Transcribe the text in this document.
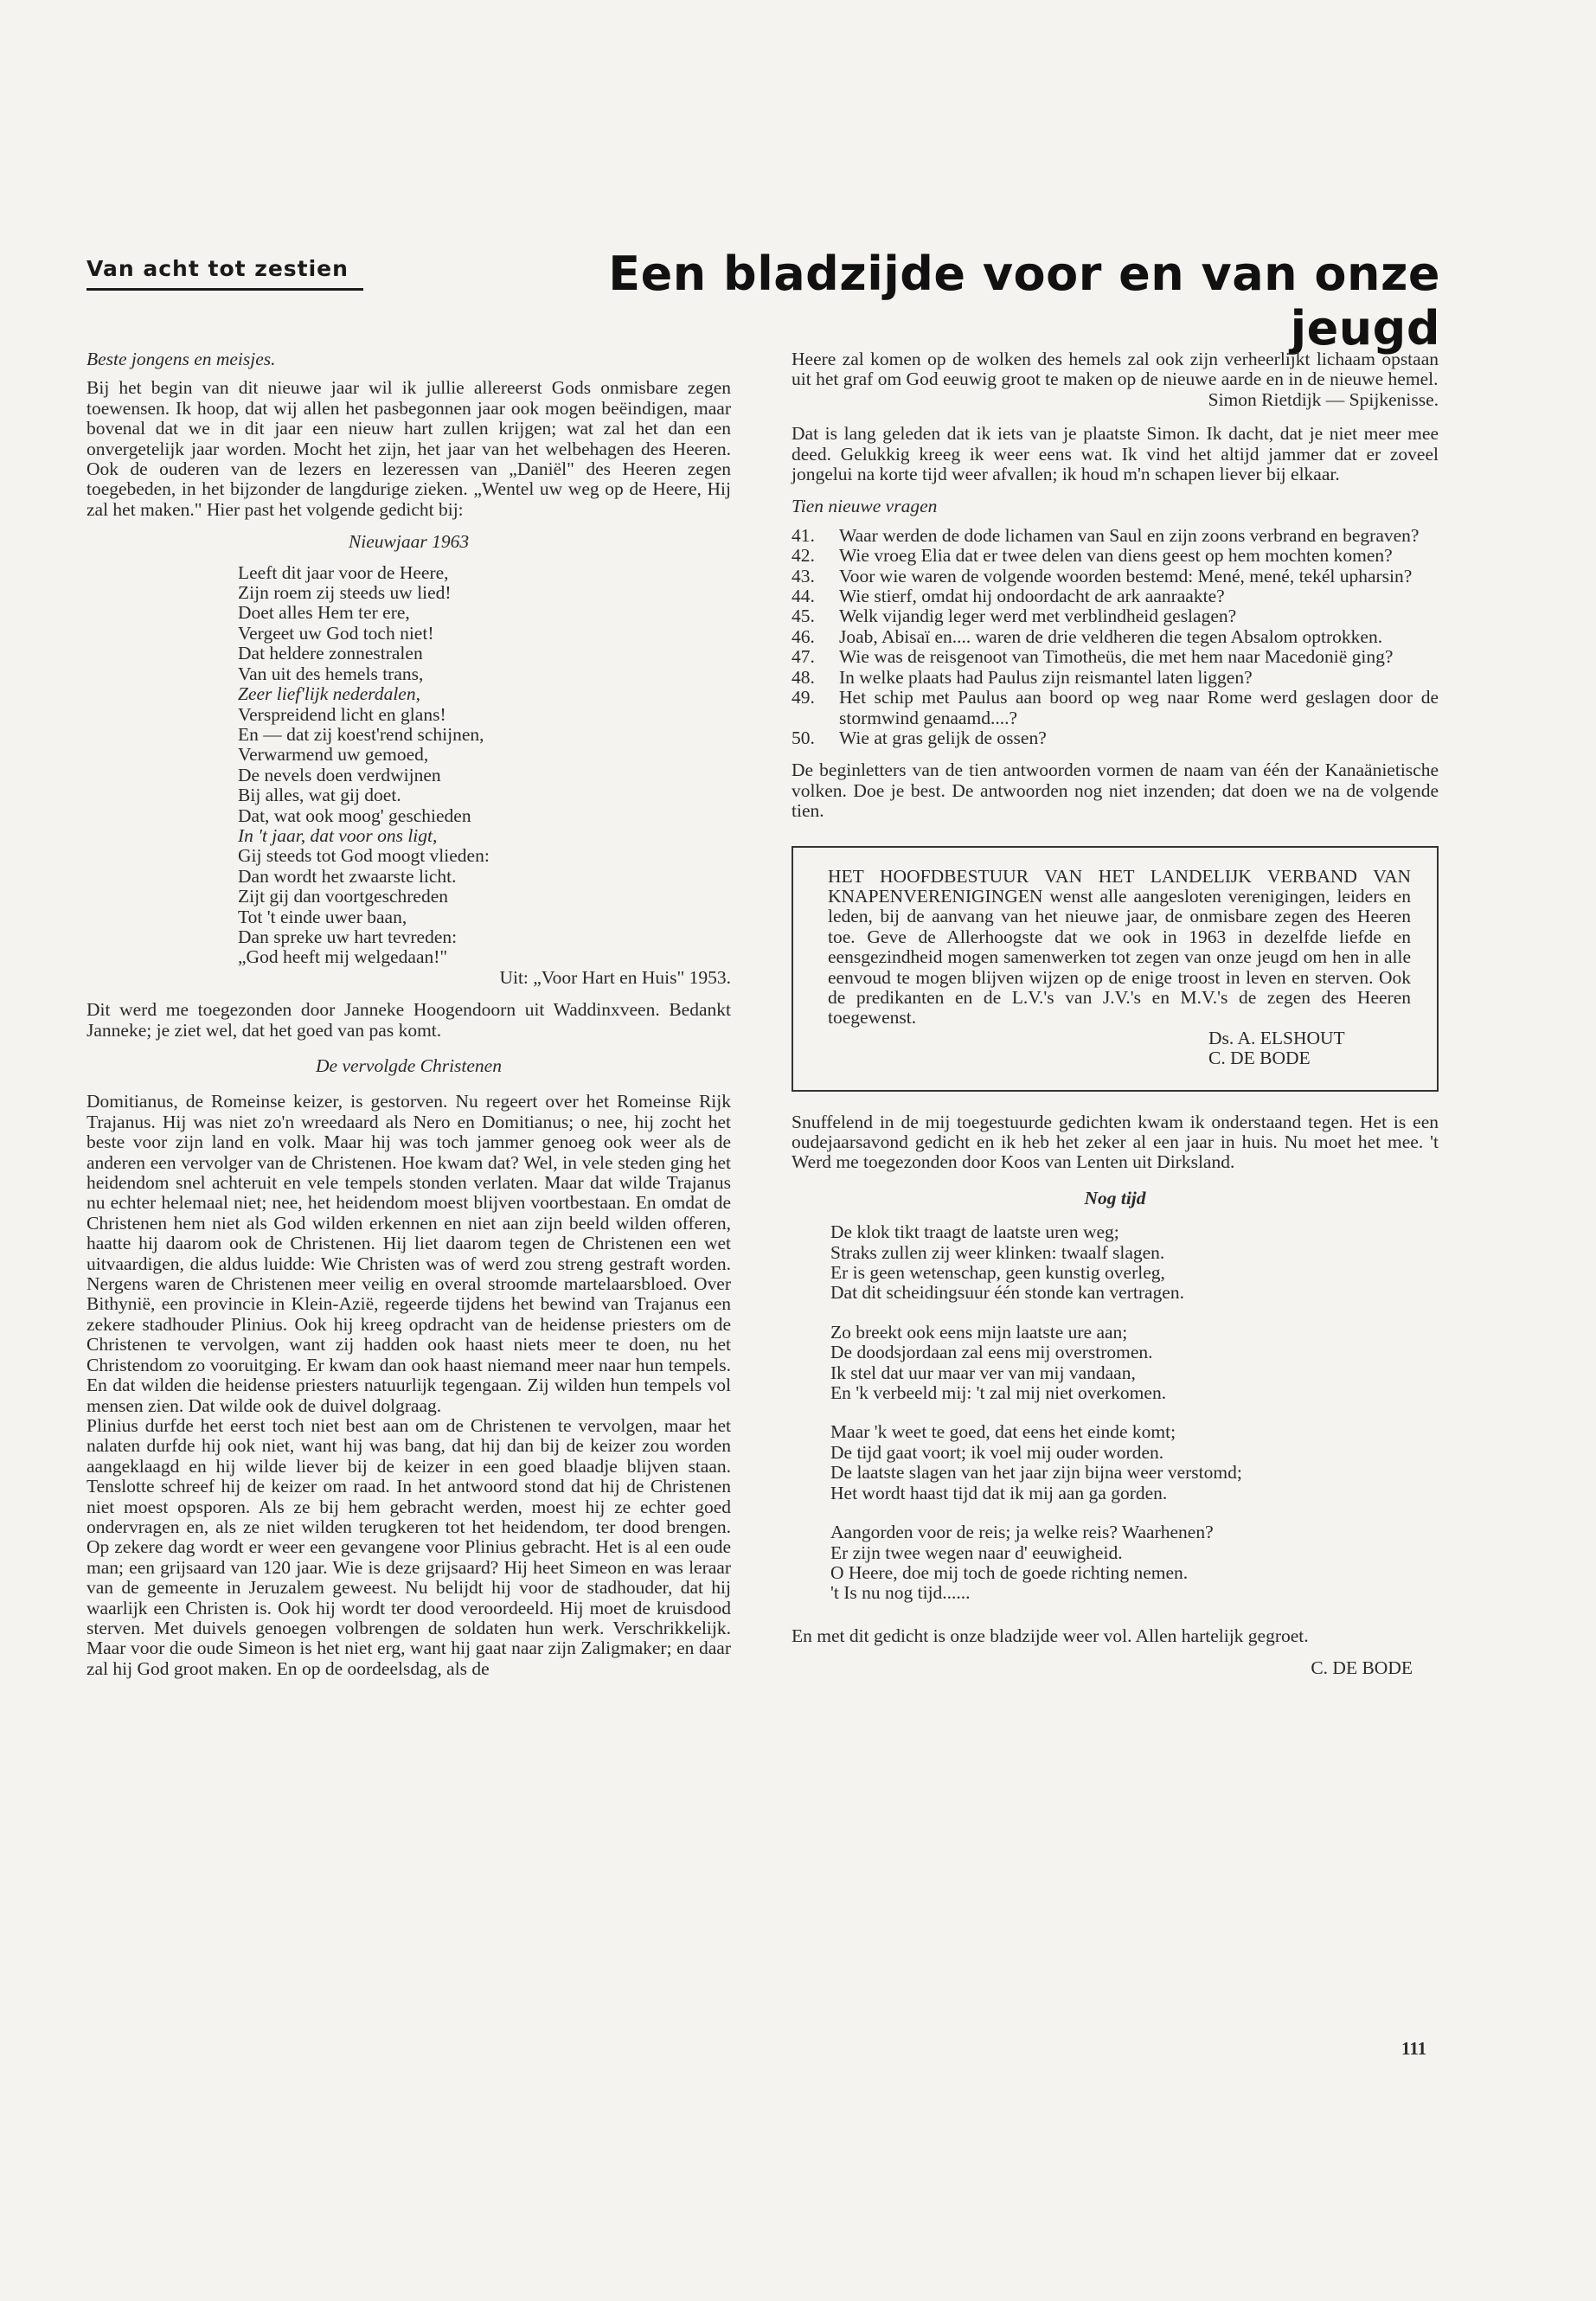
Van acht tot zestien	Een bladzijde voor en van onze jeugd

Beste jongens en meisjes.

Bij het begin van dit nieuwe jaar wil ik jullie allereerst Gods onmisbare zegen toewensen. Ik hoop, dat wij allen het pasbegonnen jaar ook mogen beëindigen, maar bovenal dat we in dit jaar een nieuw hart zullen krijgen; wat zal het dan een onvergetelijk jaar worden. Mocht het zijn, het jaar van het welbehagen des Heeren. Ook de ouderen van de lezers en lezeressen van „Daniël" des Heeren zegen toegebeden, in het bijzonder de langdurige zieken. „Wentel uw weg op de Heere, Hij zal het maken." Hier past het volgende gedicht bij:

Nieuwjaar 1963

Leeft dit jaar voor de Heere,
Zijn roem zij steeds uw lied!
Doet alles Hem ter ere,
Vergeet uw God toch niet!
Dat heldere zonnestralen
Van uit des hemels trans,
Zeer lief'lijk nederdalen,
Verspreidend licht en glans!
En — dat zij koest'rend schijnen,
Verwarmend uw gemoed,
De nevels doen verdwijnen
Bij alles, wat gij doet.
Dat, wat ook moog' geschieden
In 't jaar, dat voor ons ligt,
Gij steeds tot God moogt vlieden:
Dan wordt het zwaarste licht.
Zijt gij dan voortgeschreden
Tot 't einde uwer baan,
Dan spreke uw hart tevreden:
„God heeft mij welgedaan!"

Uit: „Voor Hart en Huis" 1953.

Dit werd me toegezonden door Janneke Hoogendoorn uit Waddinxveen. Bedankt Janneke; je ziet wel, dat het goed van pas komt.

De vervolgde Christenen

Domitianus, de Romeinse keizer, is gestorven. Nu regeert over het Romeinse Rijk Trajanus. Hij was niet zo'n wreedaard als Nero en Domitianus; o nee, hij zocht het beste voor zijn land en volk. Maar hij was toch jammer genoeg ook weer als de anderen een vervolger van de Christenen. Hoe kwam dat? Wel, in vele steden ging het heidendom snel achteruit en vele tempels stonden verlaten. Maar dat wilde Trajanus nu echter helemaal niet; nee, het heidendom moest blijven voortbestaan. En omdat de Christenen hem niet als God wilden erkennen en niet aan zijn beeld wilden offeren, haatte hij daarom ook de Christenen. Hij liet daarom tegen de Christenen een wet uitvaardigen, die aldus luidde: Wie Christen was of werd zou streng gestraft worden. Nergens waren de Christenen meer veilig en overal stroomde martelaarsbloed. Over Bithynië, een provincie in Klein-Azië, regeerde tijdens het bewind van Trajanus een zekere stadhouder Plinius. Ook hij kreeg opdracht van de heidense priesters om de Christenen te vervolgen, want zij hadden ook haast niets meer te doen, nu het Christendom zo vooruitging. Er kwam dan ook haast niemand meer naar hun tempels. En dat wilden die heidense priesters natuurlijk tegengaan. Zij wilden hun tempels vol mensen zien. Dat wilde ook de duivel dolgraag.

Plinius durfde het eerst toch niet best aan om de Christenen te vervolgen, maar het nalaten durfde hij ook niet, want hij was bang, dat hij dan bij de keizer zou worden aangeklaagd en hij wilde liever bij de keizer in een goed blaadje blijven staan. Tenslotte schreef hij de keizer om raad. In het antwoord stond dat hij de Christenen niet moest opsporen. Als ze bij hem gebracht werden, moest hij ze echter goed ondervragen en, als ze niet wilden terugkeren tot het heidendom, ter dood brengen. Op zekere dag wordt er weer een gevangene voor Plinius gebracht. Het is al een oude man; een grijsaard van 120 jaar. Wie is deze grijsaard? Hij heet Simeon en was leraar van de gemeente in Jeruzalem geweest. Nu belijdt hij voor de stadhouder, dat hij waarlijk een Christen is. Ook hij wordt ter dood veroordeeld. Hij moet de kruisdood sterven. Met duivels genoegen volbrengen de soldaten hun werk. Verschrikkelijk. Maar voor die oude Simeon is het niet erg, want hij gaat naar zijn Zaligmaker; en daar zal hij God groot maken. En op de oordeelsdag, als de

Heere zal komen op de wolken des hemels zal ook zijn verheerlijkt lichaam opstaan uit het graf om God eeuwig groot te maken op de nieuwe aarde en in de nieuwe hemel.

Simon Rietdijk — Spijkenisse.

Dat is lang geleden dat ik iets van je plaatste Simon. Ik dacht, dat je niet meer mee deed. Gelukkig kreeg ik weer eens wat. Ik vind het altijd jammer dat er zoveel jongelui na korte tijd weer afvallen; ik houd m'n schapen liever bij elkaar.

Tien nieuwe vragen

41. Waar werden de dode lichamen van Saul en zijn zoons verbrand en begraven?
42. Wie vroeg Elia dat er twee delen van diens geest op hem mochten komen?
43. Voor wie waren de volgende woorden bestemd: Mené, mené, tekél upharsin?
44. Wie stierf, omdat hij ondoordacht de ark aanraakte?
45. Welk vijandig leger werd met verblindheid geslagen?
46. Joab, Abisaï en.... waren de drie veldheren die tegen Absalom optrokken.
47. Wie was de reisgenoot van Timotheüs, die met hem naar Macedonië ging?
48. In welke plaats had Paulus zijn reismantel laten liggen?
49. Het schip met Paulus aan boord op weg naar Rome werd geslagen door de stormwind genaamd....?
50. Wie at gras gelijk de ossen?

De beginletters van de tien antwoorden vormen de naam van één der Kanaänietische volken. Doe je best. De antwoorden nog niet inzenden; dat doen we na de volgende tien.

HET HOOFDBESTUUR VAN HET LANDELIJK VERBAND VAN KNAPENVERENIGINGEN wenst alle aangesloten verenigingen, leiders en leden, bij de aanvang van het nieuwe jaar, de onmisbare zegen des Heeren toe. Geve de Allerhoogste dat we ook in 1963 in dezelfde liefde en eensgezindheid mogen samenwerken tot zegen van onze jeugd om hen in alle eenvoud te mogen blijven wijzen op de enige troost in leven en sterven. Ook de predikanten en de L.V.'s van J.V.'s en M.V.'s de zegen des Heeren toegewenst.

Ds. A. ELSHOUT

C. DE BODE

Snuffelend in de mij toegestuurde gedichten kwam ik onderstaand tegen. Het is een oudejaarsavond gedicht en ik heb het zeker al een jaar in huis. Nu moet het mee. 't Werd me toegezonden door Koos van Lenten uit Dirksland.

Nog tijd

De klok tikt traagt de laatste uren weg;
Straks zullen zij weer klinken: twaalf slagen.
Er is geen wetenschap, geen kunstig overleg,
Dat dit scheidingsuur één stonde kan vertragen.
Zo breekt ook eens mijn laatste ure aan;
De doodsjordaan zal eens mij overstromen.
Ik stel dat uur maar ver van mij vandaan,
En 'k verbeeld mij: 't zal mij niet overkomen.
Maar 'k weet te goed, dat eens het einde komt;
De tijd gaat voort; ik voel mij ouder worden.
De laatste slagen van het jaar zijn bijna weer verstomd;
Het wordt haast tijd dat ik mij aan ga gorden.
Aangorden voor de reis; ja welke reis? Waarhenen?
Er zijn twee wegen naar d' eeuwigheid.
O Heere, doe mij toch de goede richting nemen.
't Is nu nog tijd......

En met dit gedicht is onze bladzijde weer vol. Allen hartelijk gegroet.

C. DE BODE

111
